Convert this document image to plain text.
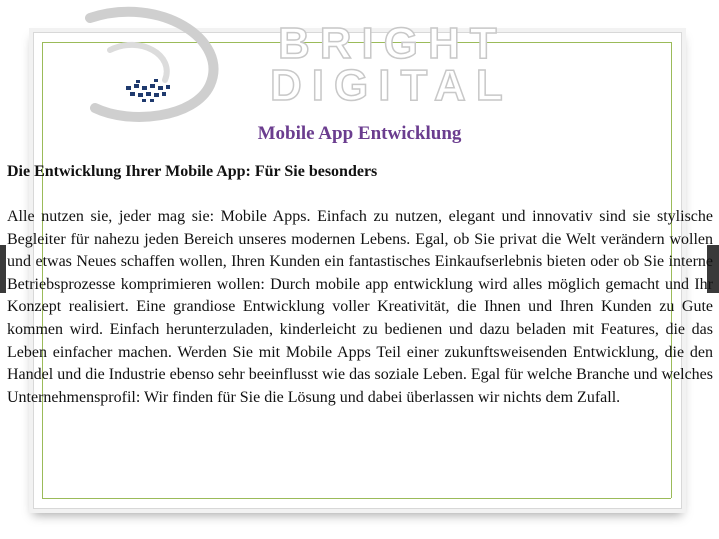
BRIGHT
DIGITAL
Mobile App Entwicklung
Die Entwicklung Ihrer Mobile App: Für Sie besonders

Alle nutzen sie, jeder mag sie: Mobile Apps. Einfach zu nutzen, elegant und innovativ sind sie stylische Begleiter für nahezu jeden Bereich unseres modernen Lebens. Egal, ob Sie privat die Welt verändern wollen und etwas Neues schaffen wollen, Ihren Kunden ein fantastisches Einkaufserlebnis bieten oder ob Sie interne Betriebsprozesse komprimieren wollen: Durch mobile app entwicklung wird alles möglich gemacht und Ihr Konzept realisiert. Eine grandiose Entwicklung voller Kreativität, die Ihnen und Ihren Kunden zu Gute kommen wird. Einfach herunterzuladen, kinderleicht zu bedienen und dazu beladen mit Features, die das Leben einfacher machen. Werden Sie mit Mobile Apps Teil einer zukunftsweisenden Entwicklung, die den Handel und die Industrie ebenso sehr beeinflusst wie das soziale Leben. Egal für welche Branche und welches Unternehmensprofil: Wir finden für Sie die Lösung und dabei überlassen wir nichts dem Zufall.
